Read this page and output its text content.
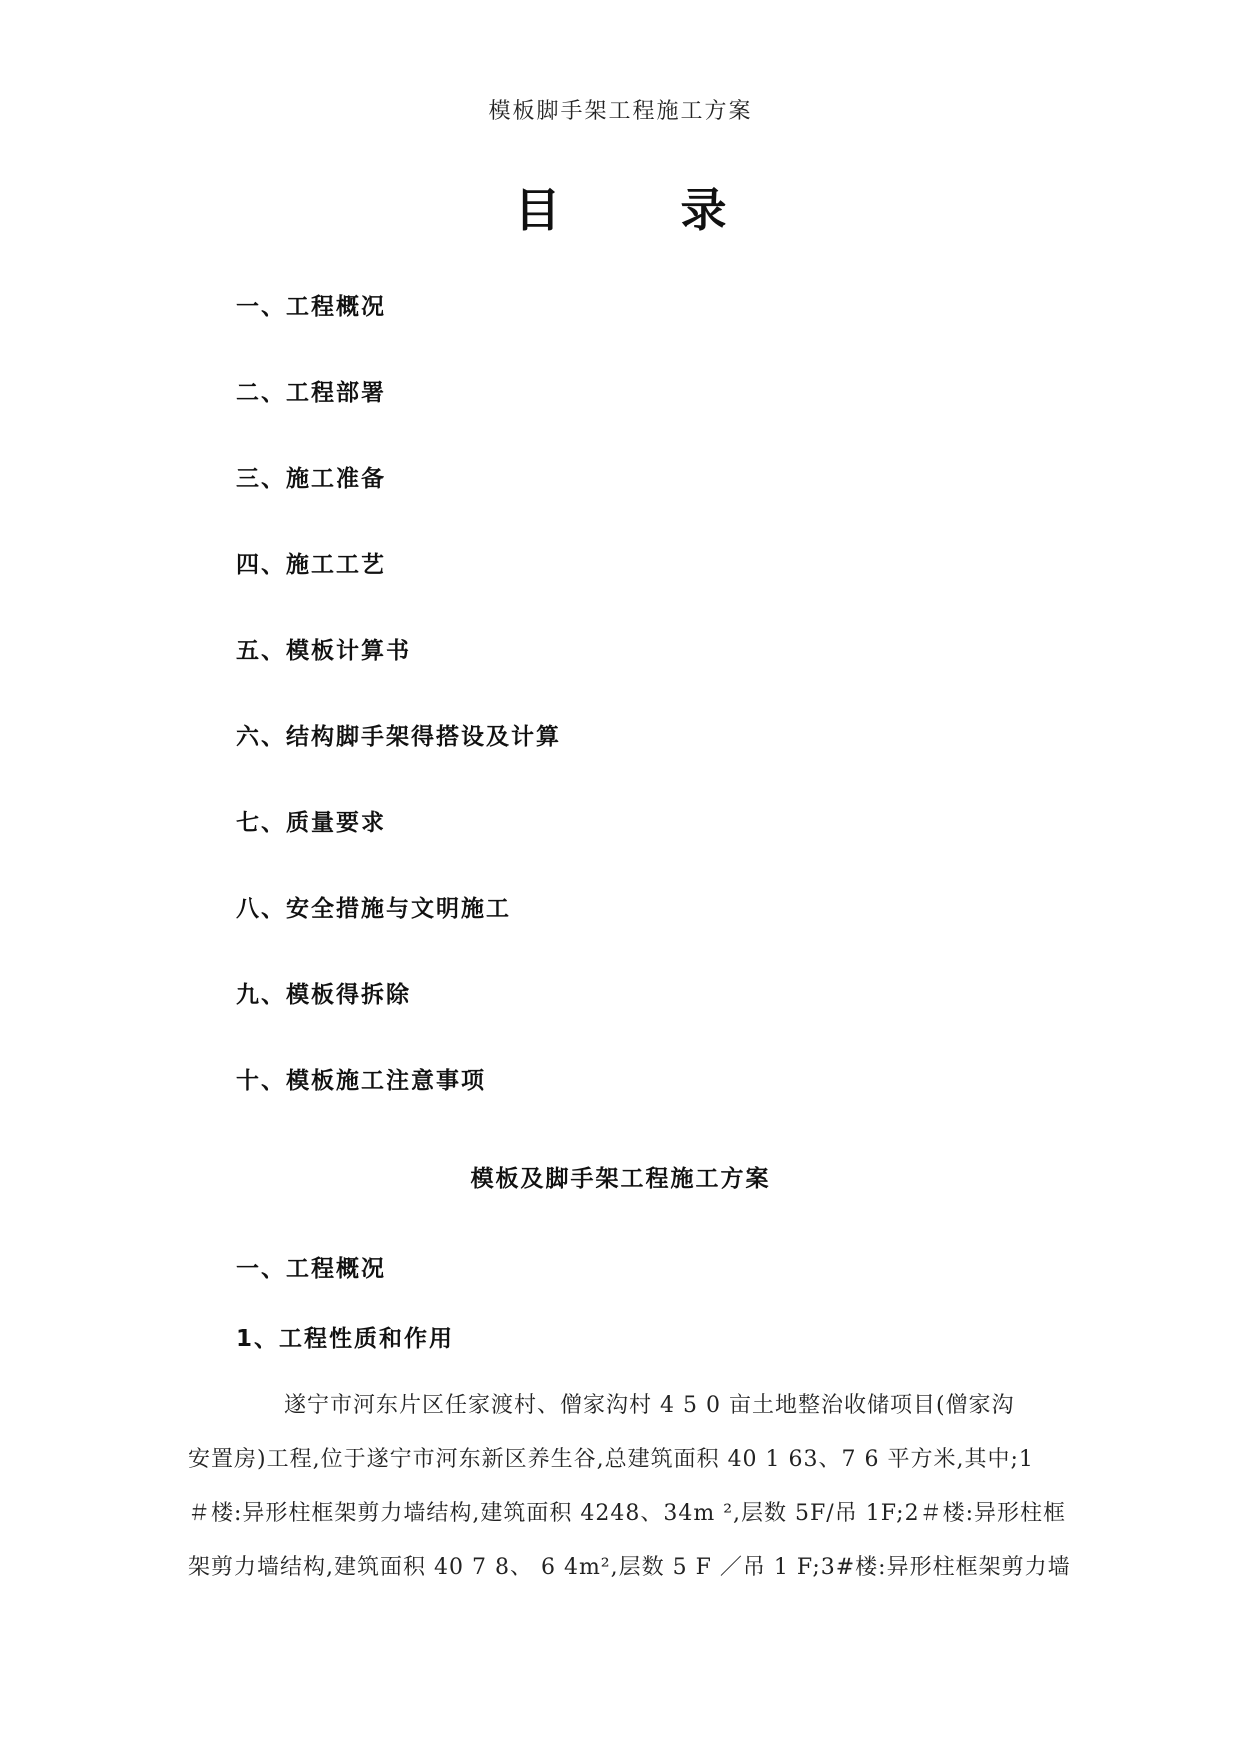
模板脚手架工程施工方案
目	录
一、工程概况
二、工程部署
三、施工准备
四、施工工艺
五、模板计算书
六、结构脚手架得搭设及计算
七、质量要求
八、安全措施与文明施工
九、模板得拆除
十、模板施工注意事项
模板及脚手架工程施工方案
一、工程概况
1、工程性质和作用
遂宁市河东片区任家渡村、僧家沟村 4 5 0 亩土地整治收储项目(僧家沟
安置房)工程,位于遂宁市河东新区养生谷,总建筑面积 40 1 63、7 6 平方米,其中;1
＃楼:异形柱框架剪力墙结构,建筑面积 4248、34m ²,层数 5F/吊 1F;2＃楼:异形柱框
架剪力墙结构,建筑面积 40 7 8、 6 4m²,层数 5 F ／吊 1 F;3#楼:异形柱框架剪力墙
